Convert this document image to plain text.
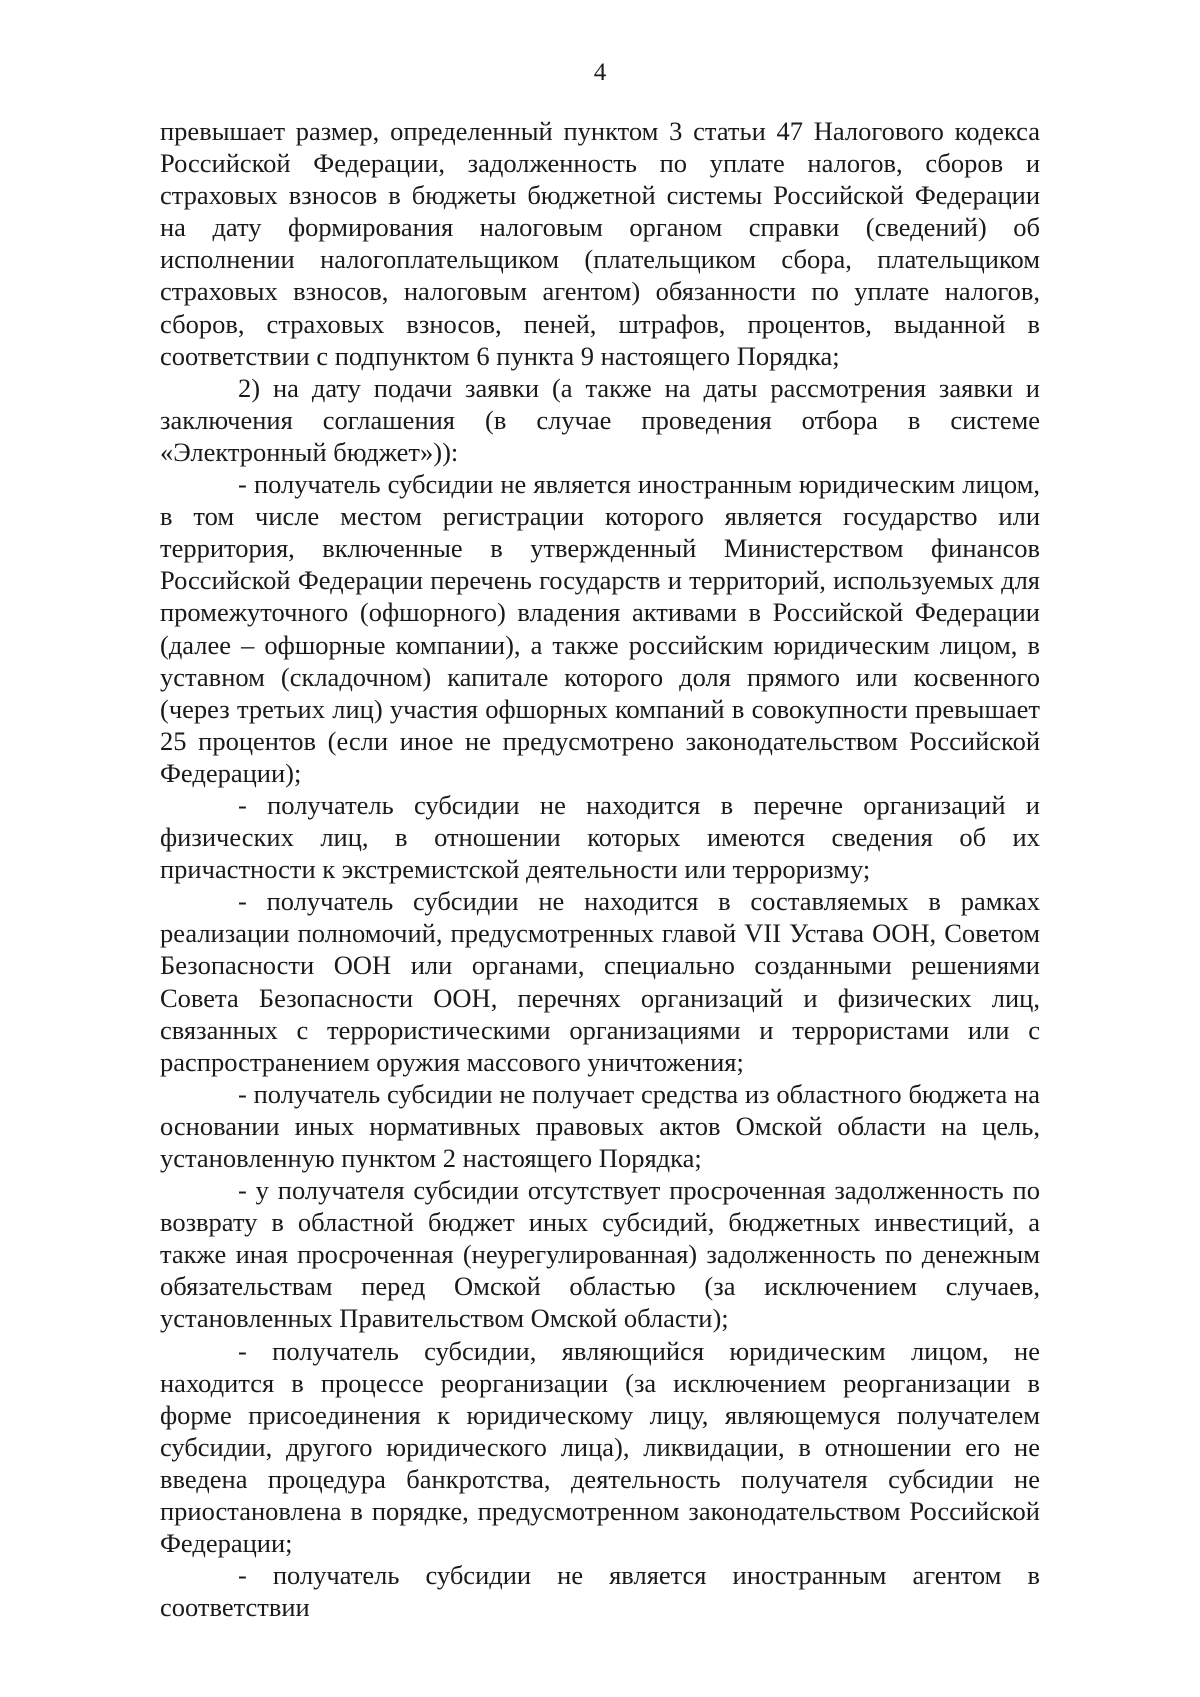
4

превышает размер, определенный пунктом 3 статьи 47 Налогового кодекса Российской Федерации, задолженность по уплате налогов, сборов и страховых взносов в бюджеты бюджетной системы Российской Федерации на дату формирования налоговым органом справки (сведений) об исполнении налогоплательщиком (плательщиком сбора, плательщиком страховых взносов, налоговым агентом) обязанности по уплате налогов, сборов, страховых взносов, пеней, штрафов, процентов, выданной в соответствии с подпунктом 6 пункта 9 настоящего Порядка;

2) на дату подачи заявки (а также на даты рассмотрения заявки и заключения соглашения (в случае проведения отбора в системе «Электронный бюджет»)):

- получатель субсидии не является иностранным юридическим лицом, в том числе местом регистрации которого является государство или территория, включенные в утвержденный Министерством финансов Российской Федерации перечень государств и территорий, используемых для промежуточного (офшорного) владения активами в Российской Федерации (далее – офшорные компании), а также российским юридическим лицом, в уставном (складочном) капитале которого доля прямого или косвенного (через третьих лиц) участия офшорных компаний в совокупности превышает 25 процентов (если иное не предусмотрено законодательством Российской Федерации);

- получатель субсидии не находится в перечне организаций и физических лиц, в отношении которых имеются сведения об их причастности к экстремистской деятельности или терроризму;

- получатель субсидии не находится в составляемых в рамках реализации полномочий, предусмотренных главой VII Устава ООН, Советом Безопасности ООН или органами, специально созданными решениями Совета Безопасности ООН, перечнях организаций и физических лиц, связанных с террористическими организациями и террористами или с распространением оружия массового уничтожения;

- получатель субсидии не получает средства из областного бюджета на основании иных нормативных правовых актов Омской области на цель, установленную пунктом 2 настоящего Порядка;

- у получателя субсидии отсутствует просроченная задолженность по возврату в областной бюджет иных субсидий, бюджетных инвестиций, а также иная просроченная (неурегулированная) задолженность по денежным обязательствам перед Омской областью (за исключением случаев, установленных Правительством Омской области);

- получатель субсидии, являющийся юридическим лицом, не находится в процессе реорганизации (за исключением реорганизации в форме присоединения к юридическому лицу, являющемуся получателем субсидии, другого юридического лица), ликвидации, в отношении его не введена процедура банкротства, деятельность получателя субсидии не приостановлена в порядке, предусмотренном законодательством Российской Федерации;

- получатель субсидии не является иностранным агентом в соответствии
